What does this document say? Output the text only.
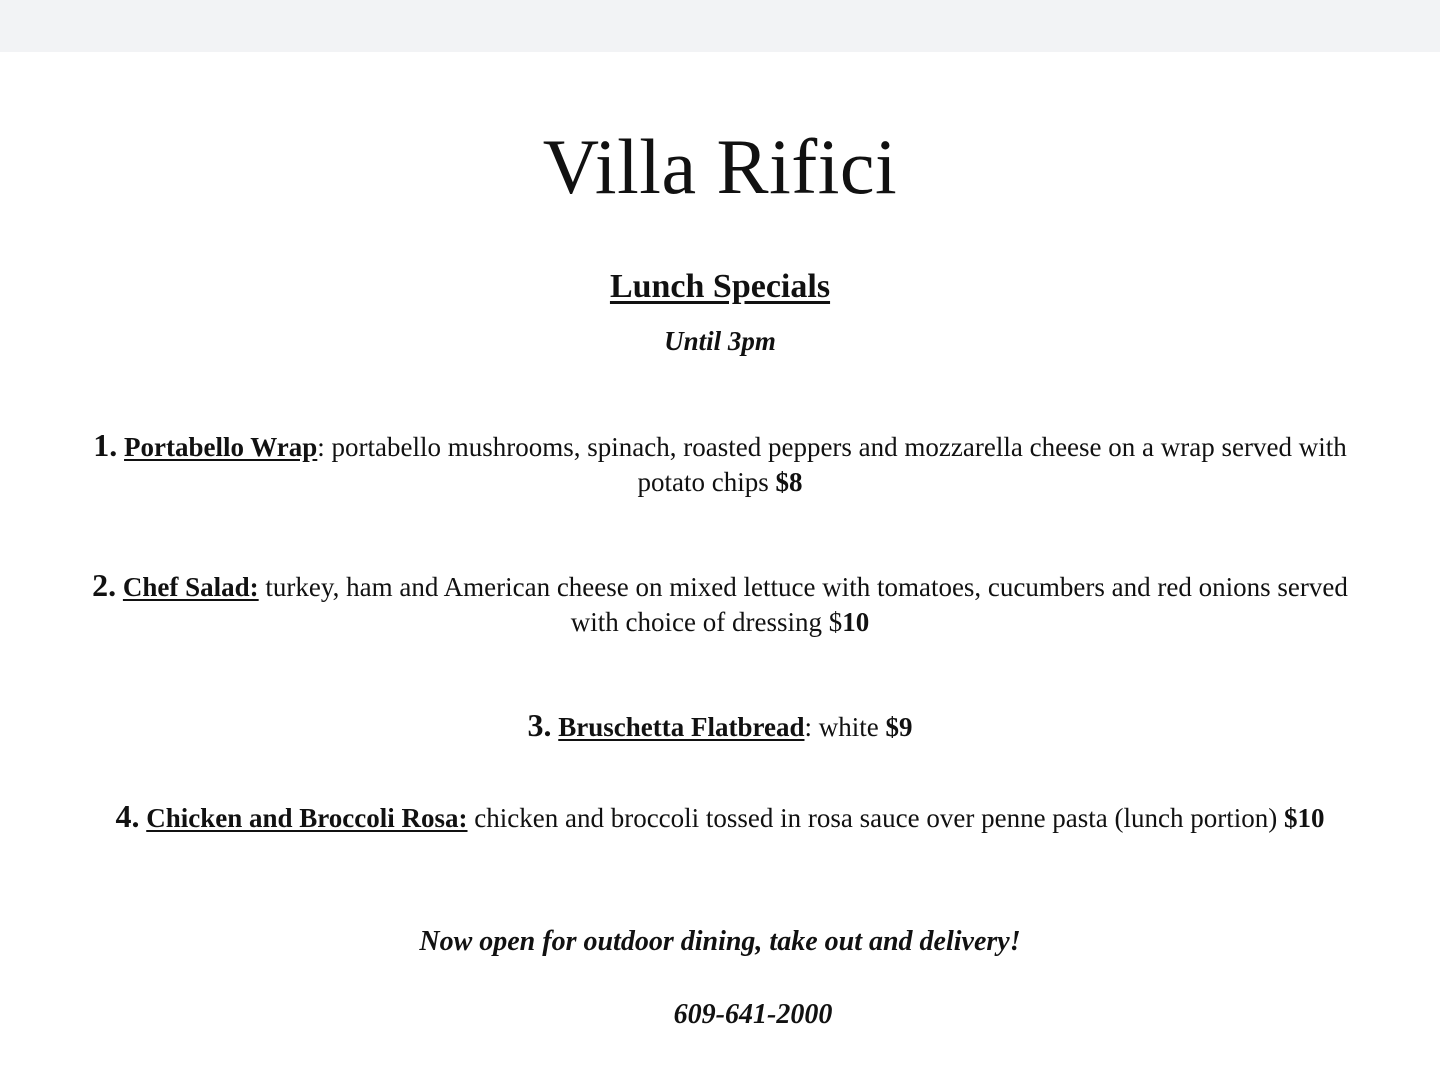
Villa Rifici
Lunch Specials
Until 3pm
1. Portabello Wrap: portabello mushrooms, spinach, roasted peppers and mozzarella cheese on a wrap served with potato chips $8
2. Chef Salad: turkey, ham and American cheese on mixed lettuce with tomatoes, cucumbers and red onions served with choice of dressing $10
3. Bruschetta Flatbread: white $9
4. Chicken and Broccoli Rosa: chicken and broccoli tossed in rosa sauce over penne pasta (lunch portion) $10
Now open for outdoor dining, take out and delivery!
609-641-2000
